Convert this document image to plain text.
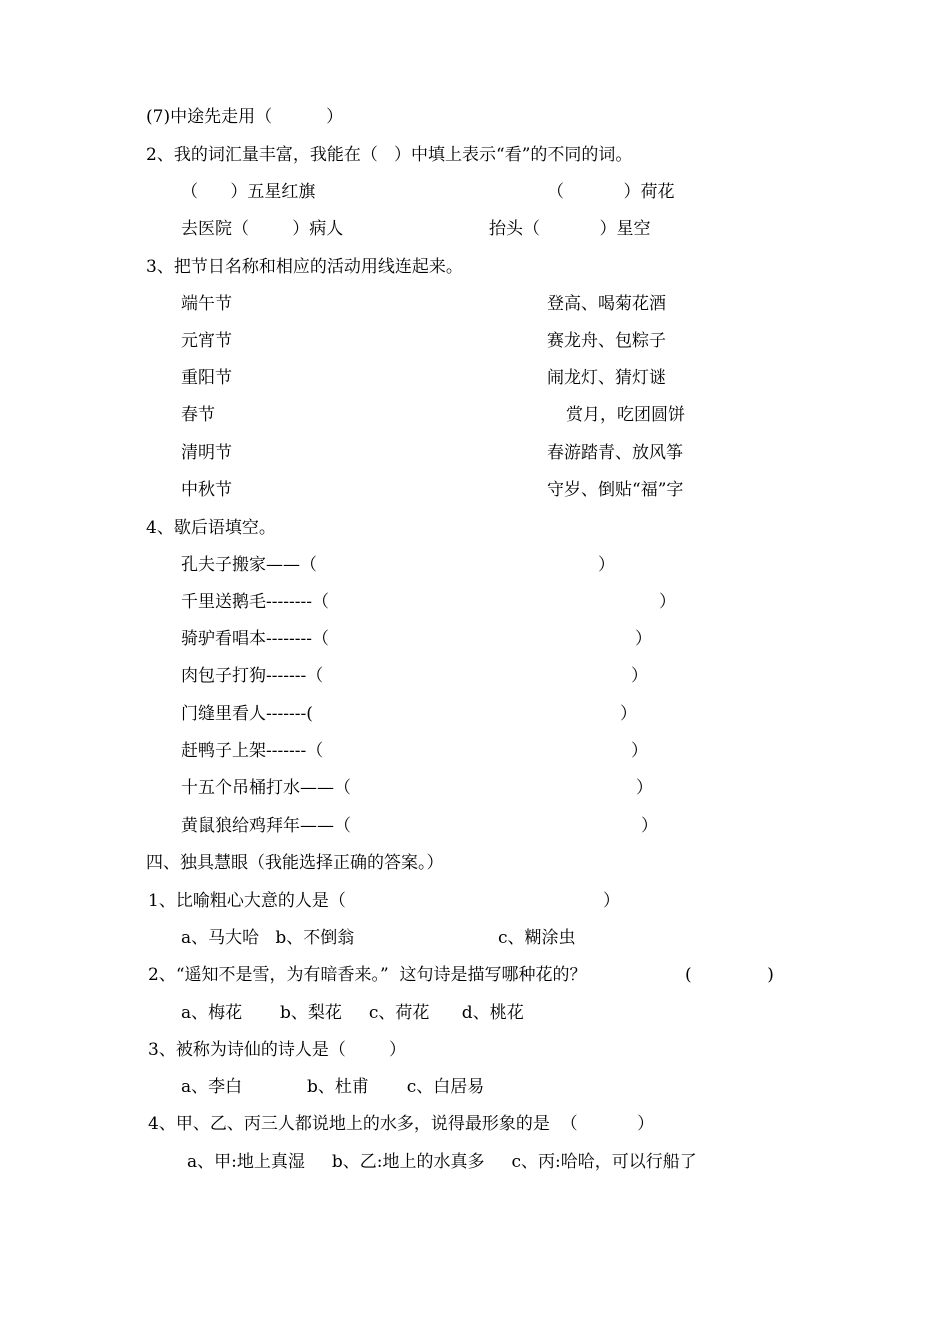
(7)中途先走用（          ）
2、我的词汇量丰富，我能在（   ）中填上表示“看”的不同的词。
（      ）五星红旗	（           ）荷花
去医院（        ）病人	抬头（           ）星空
3、把节日名称和相应的活动用线连起来。
端午节	登高、喝菊花酒
元宵节	赛龙舟、包粽子
重阳节	闹龙灯、猜灯谜
春节	赏月，吃团圆饼
清明节	春游踏青、放风筝
中秋节	守岁、倒贴“福”字
4、歇后语填空。
孔夫子搬家——（	）
千里送鹅毛--------（	）
骑驴看唱本--------（	）
肉包子打狗-------（	）
门缝里看人-------(	）
赶鸭子上架-------（	）
十五个吊桶打水——（	）
黄鼠狼给鸡拜年——（	）
四、独具慧眼（我能选择正确的答案。）
1、比喻粗心大意的人是（	）
a、马大哈   b、不倒翁	c、糊涂虫
2、“遥知不是雪，为有暗香来。”  这句诗是描写哪种花的？	(              )
a、梅花       b、梨花     c、荷花      d、桃花
3、被称为诗仙的诗人是（        ）
a、李白            b、杜甫       c、白居易
4、甲、乙、丙三人都说地上的水多，说得最形象的是  （           ）
a、甲:地上真湿     b、乙:地上的水真多     c、丙:哈哈，可以行船了
